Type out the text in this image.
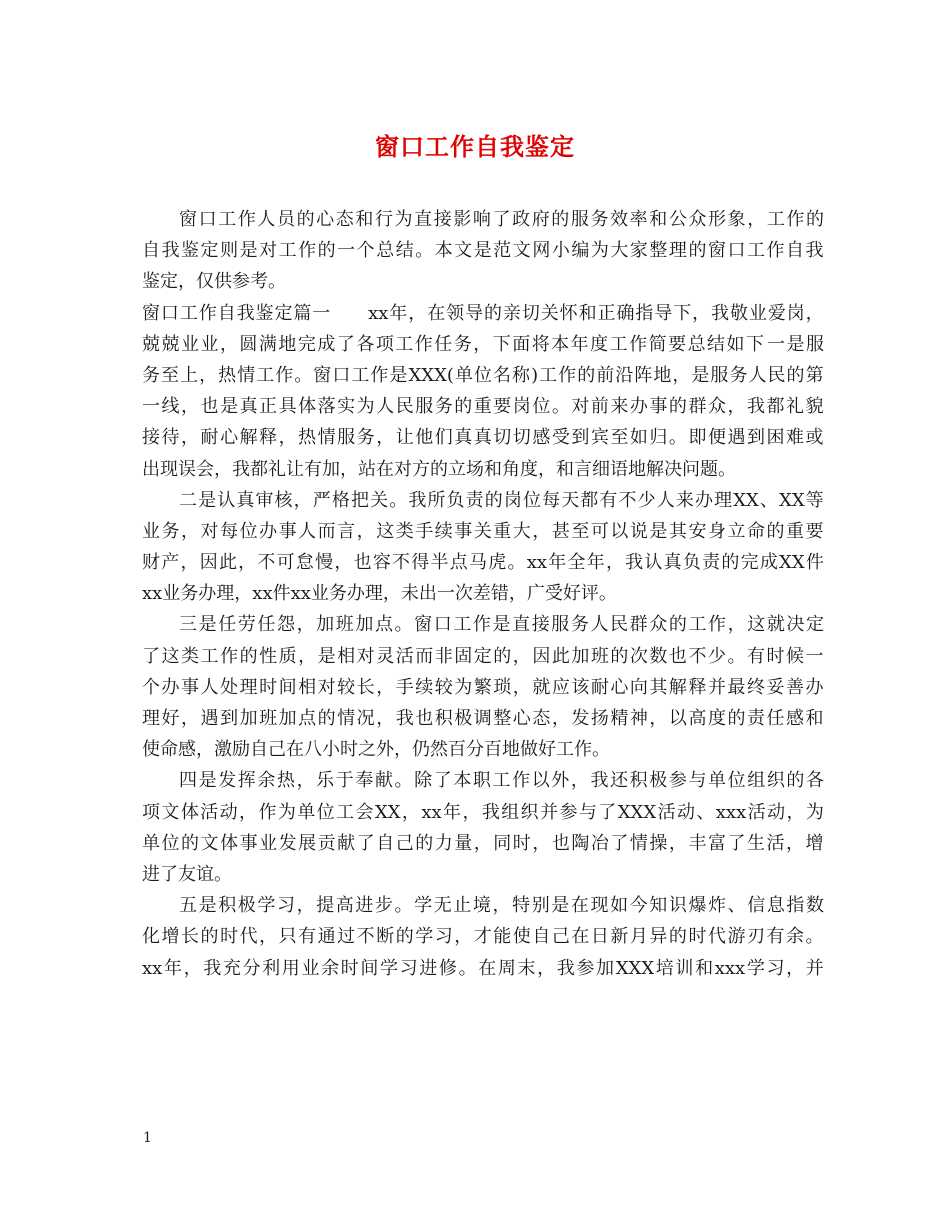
窗口工作自我鉴定
窗 口 工 作 人 员 的 心 态 和 行 为 直 接 影 响 了 政 府 的 服 务 效 率 和 公 众 形 象 ， 工 作 的
自 我 鉴 定 则 是 对 工 作 的 一 个 总 结 。 本 文 是 范 文 网 小 编 为 大 家 整 理 的 窗 口 工 作 自 我
鉴定，仅供参考。
窗 口 工 作 自 我 鉴 定 篇 一
　　 xx 年 ， 在 领 导 的 亲 切 关 怀 和 正 确 指 导 下 ， 我 敬 业 爱 岗 ，
兢 兢 业 业 ， 圆 满 地 完 成 了 各 项 工 作 任 务 ， 下 面 将 本 年 度 工 作 简 要 总 结 如 下 一 是 服
务 至 上 ， 热 情 工 作 。 窗 口 工 作 是 XXX( 单 位 名 称 ) 工 作 的 前 沿 阵 地 ， 是 服 务 人 民 的 第
一 线 ， 也 是 真 正 具 体 落 实 为 人 民 服 务 的 重 要 岗 位 。 对 前 来 办 事 的 群 众 ， 我 都 礼 貌
接 待 ， 耐 心 解 释 ， 热 情 服 务 ， 让 他 们 真 真 切 切 感 受 到 宾 至 如 归 。 即 便 遇 到 困 难 或
出现误会，我都礼让有加，站在对方的立场和角度，和言细语地解决问题。
二 是 认 真 审 核 ， 严 格 把 关 。 我 所 负 责 的 岗 位 每 天 都 有 不 少 人 来 办 理 XX 、 XX 等
业 务 ， 对 每 位 办 事 人 而 言 ， 这 类 手 续 事 关 重 大 ， 甚 至 可 以 说 是 其 安 身 立 命 的 重 要
财 产 ， 因 此 ， 不 可 怠 慢 ， 也 容 不 得 半 点 马 虎 。 xx 年 全 年 ， 我 认 真 负 责 的 完 成 XX 件
xx业务办理，xx件xx业务办理，未出一次差错，广受好评。
三 是 任 劳 任 怨 ， 加 班 加 点 。 窗 口 工 作 是 直 接 服 务 人 民 群 众 的 工 作 ， 这 就 决 定
了 这 类 工 作 的 性 质 ， 是 相 对 灵 活 而 非 固 定 的 ， 因 此 加 班 的 次 数 也 不 少 。 有 时 候 一
个 办 事 人 处 理 时 间 相 对 较 长 ， 手 续 较 为 繁 琐 ， 就 应 该 耐 心 向 其 解 释 并 最 终 妥 善 办
理 好 ， 遇 到 加 班 加 点 的 情 况 ， 我 也 积 极 调 整 心 态 ， 发 扬 精 神 ， 以 高 度 的 责 任 感 和
使命感，激励自己在八小时之外，仍然百分百地做好工作。
四 是 发 挥 余 热 ， 乐 于 奉 献 。 除 了 本 职 工 作 以 外 ， 我 还 积 极 参 与 单 位 组 织 的 各
项 文 体 活 动 ， 作 为 单 位 工 会 XX ， xx 年 ， 我 组 织 并 参 与 了 XXX 活 动 、 xxx 活 动 ， 为
单 位 的 文 体 事 业 发 展 贡 献 了 自 己 的 力 量 ， 同 时 ， 也 陶 冶 了 情 操 ， 丰 富 了 生 活 ， 增
进了友谊。
五 是 积 极 学 习 ， 提 高 进 步 。 学 无 止 境 ， 特 别 是 在 现 如 今 知 识 爆 炸 、 信 息 指 数
化 增 长 的 时 代 ， 只 有 通 过 不 断 的 学 习 ， 才 能 使 自 己 在 日 新 月 异 的 时 代 游 刃 有 余 。
xx 年 ， 我 充 分 利 用 业 余 时 间 学 习 进 修 。 在 周 末 ， 我 参 加 XXX 培 训 和 xxx 学 习 ， 并
1
